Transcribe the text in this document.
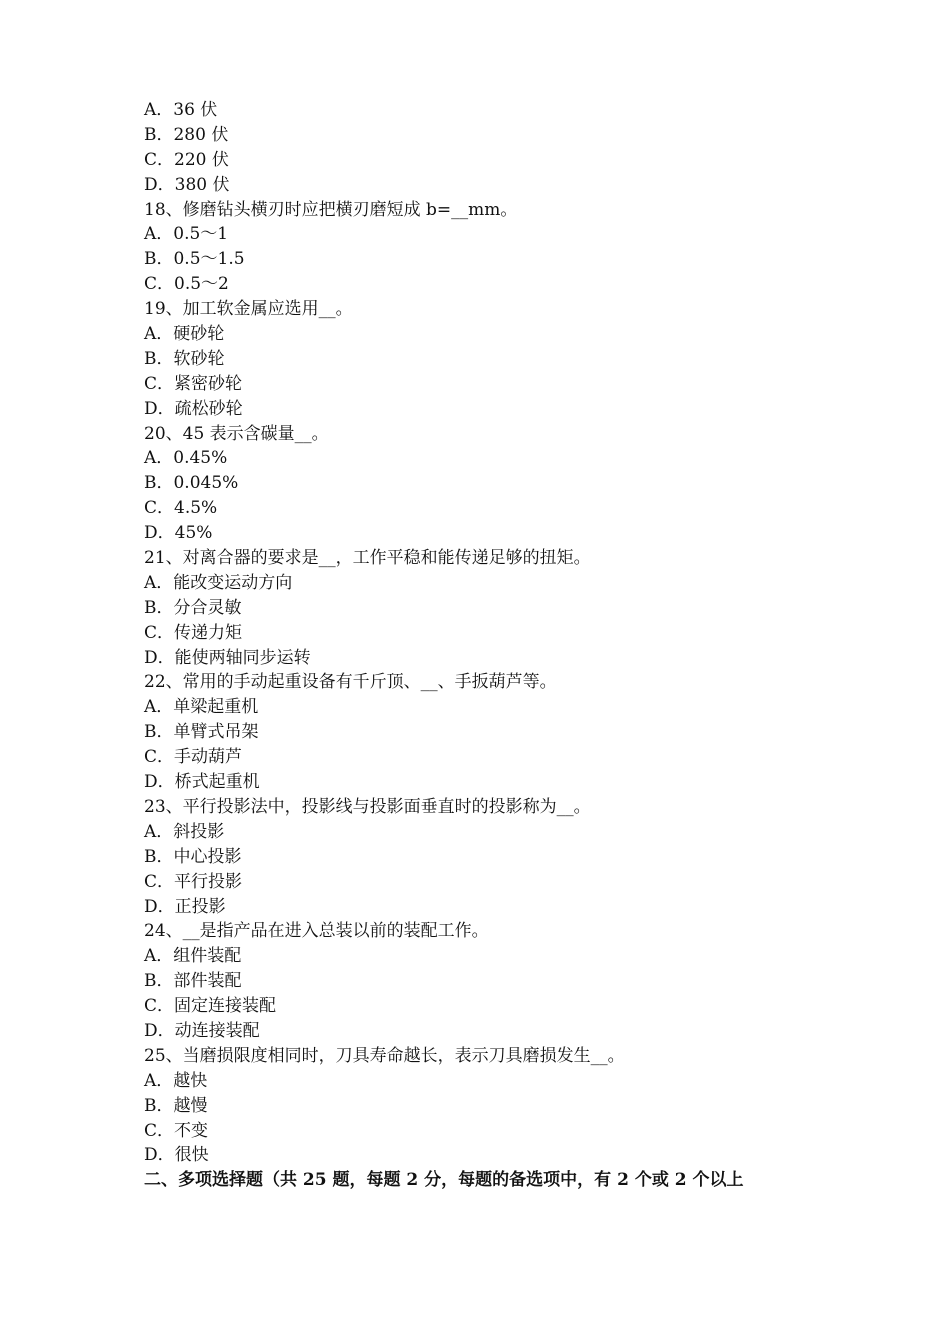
A．36 伏
B．280 伏
C．220 伏
D．380 伏
18、修磨钻头横刃时应把横刃磨短成 b=__mm。
A．0.5～1
B．0.5～1.5
C．0.5～2
19、加工软金属应选用__。
A．硬砂轮
B．软砂轮
C．紧密砂轮
D．疏松砂轮
20、45 表示含碳量__。
A．0.45%
B．0.045%
C．4.5%
D．45%
21、对离合器的要求是__，工作平稳和能传递足够的扭矩。
A．能改变运动方向
B．分合灵敏
C．传递力矩
D．能使两轴同步运转
22、常用的手动起重设备有千斤顶、__、手扳葫芦等。
A．单梁起重机
B．单臂式吊架
C．手动葫芦
D．桥式起重机
23、平行投影法中，投影线与投影面垂直时的投影称为__。
A．斜投影
B．中心投影
C．平行投影
D．正投影
24、__是指产品在进入总装以前的装配工作。
A．组件装配
B．部件装配
C．固定连接装配
D．动连接装配
25、当磨损限度相同时，刀具寿命越长，表示刀具磨损发生__。
A．越快
B．越慢
C．不变
D．很快
二、多项选择题（共 25 题，每题 2 分，每题的备选项中，有 2 个或 2 个以上
